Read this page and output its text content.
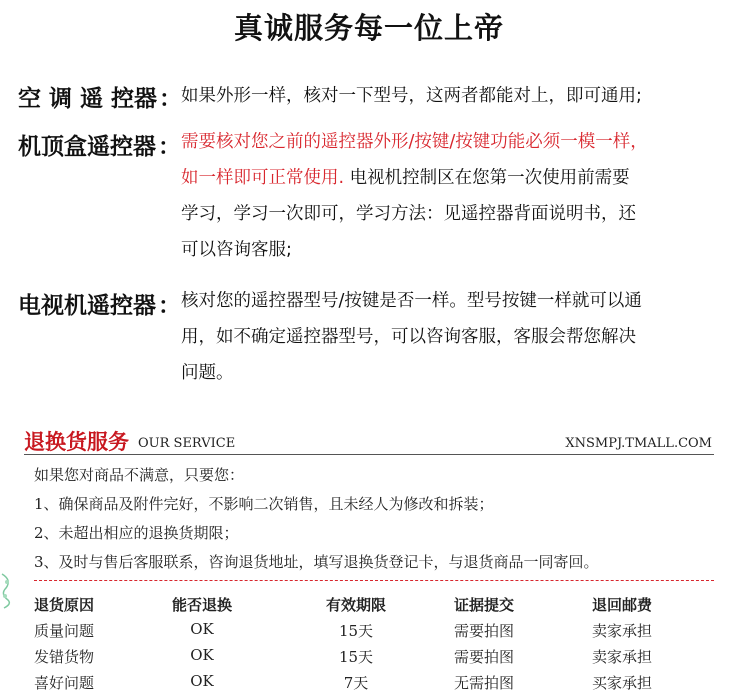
真诚服务每一位上帝
空 调 遥 控器：
如果外形一样，核对一下型号，这两者都能对上，即可通用;
机顶盒遥控器： 需要核对您之前的遥控器外形/按键/按键功能必须一模一样，
如一样即可正常使用. 电视机控制区在您第一次使用前需要
学习，学习一次即可，学习方法：见遥控器背面说明书，还
可以咨询客服;
电视机遥控器： 核对您的遥控器型号/按键是否一样。型号按键一样就可以通
用，如不确定遥控器型号，可以咨询客服，客服会帮您解决
问题。
退换货服务 OUR SERVICE	XNSMPJ.TMALL.COM
如果您对商品不满意，只要您：
1、确保商品及附件完好，不影响二次销售，且未经人为修改和拆装；
2、未超出相应的退换货期限；
3、及时与售后客服联系，咨询退货地址，填写退换货登记卡，与退货商品一同寄回。
退货原因	能否退换	有效期限	证据提交	退回邮费
质量问题	OK	15天	需要拍图	卖家承担
发错货物	OK	15天	需要拍图	卖家承担
喜好问题	OK	7天	无需拍图	买家承担
